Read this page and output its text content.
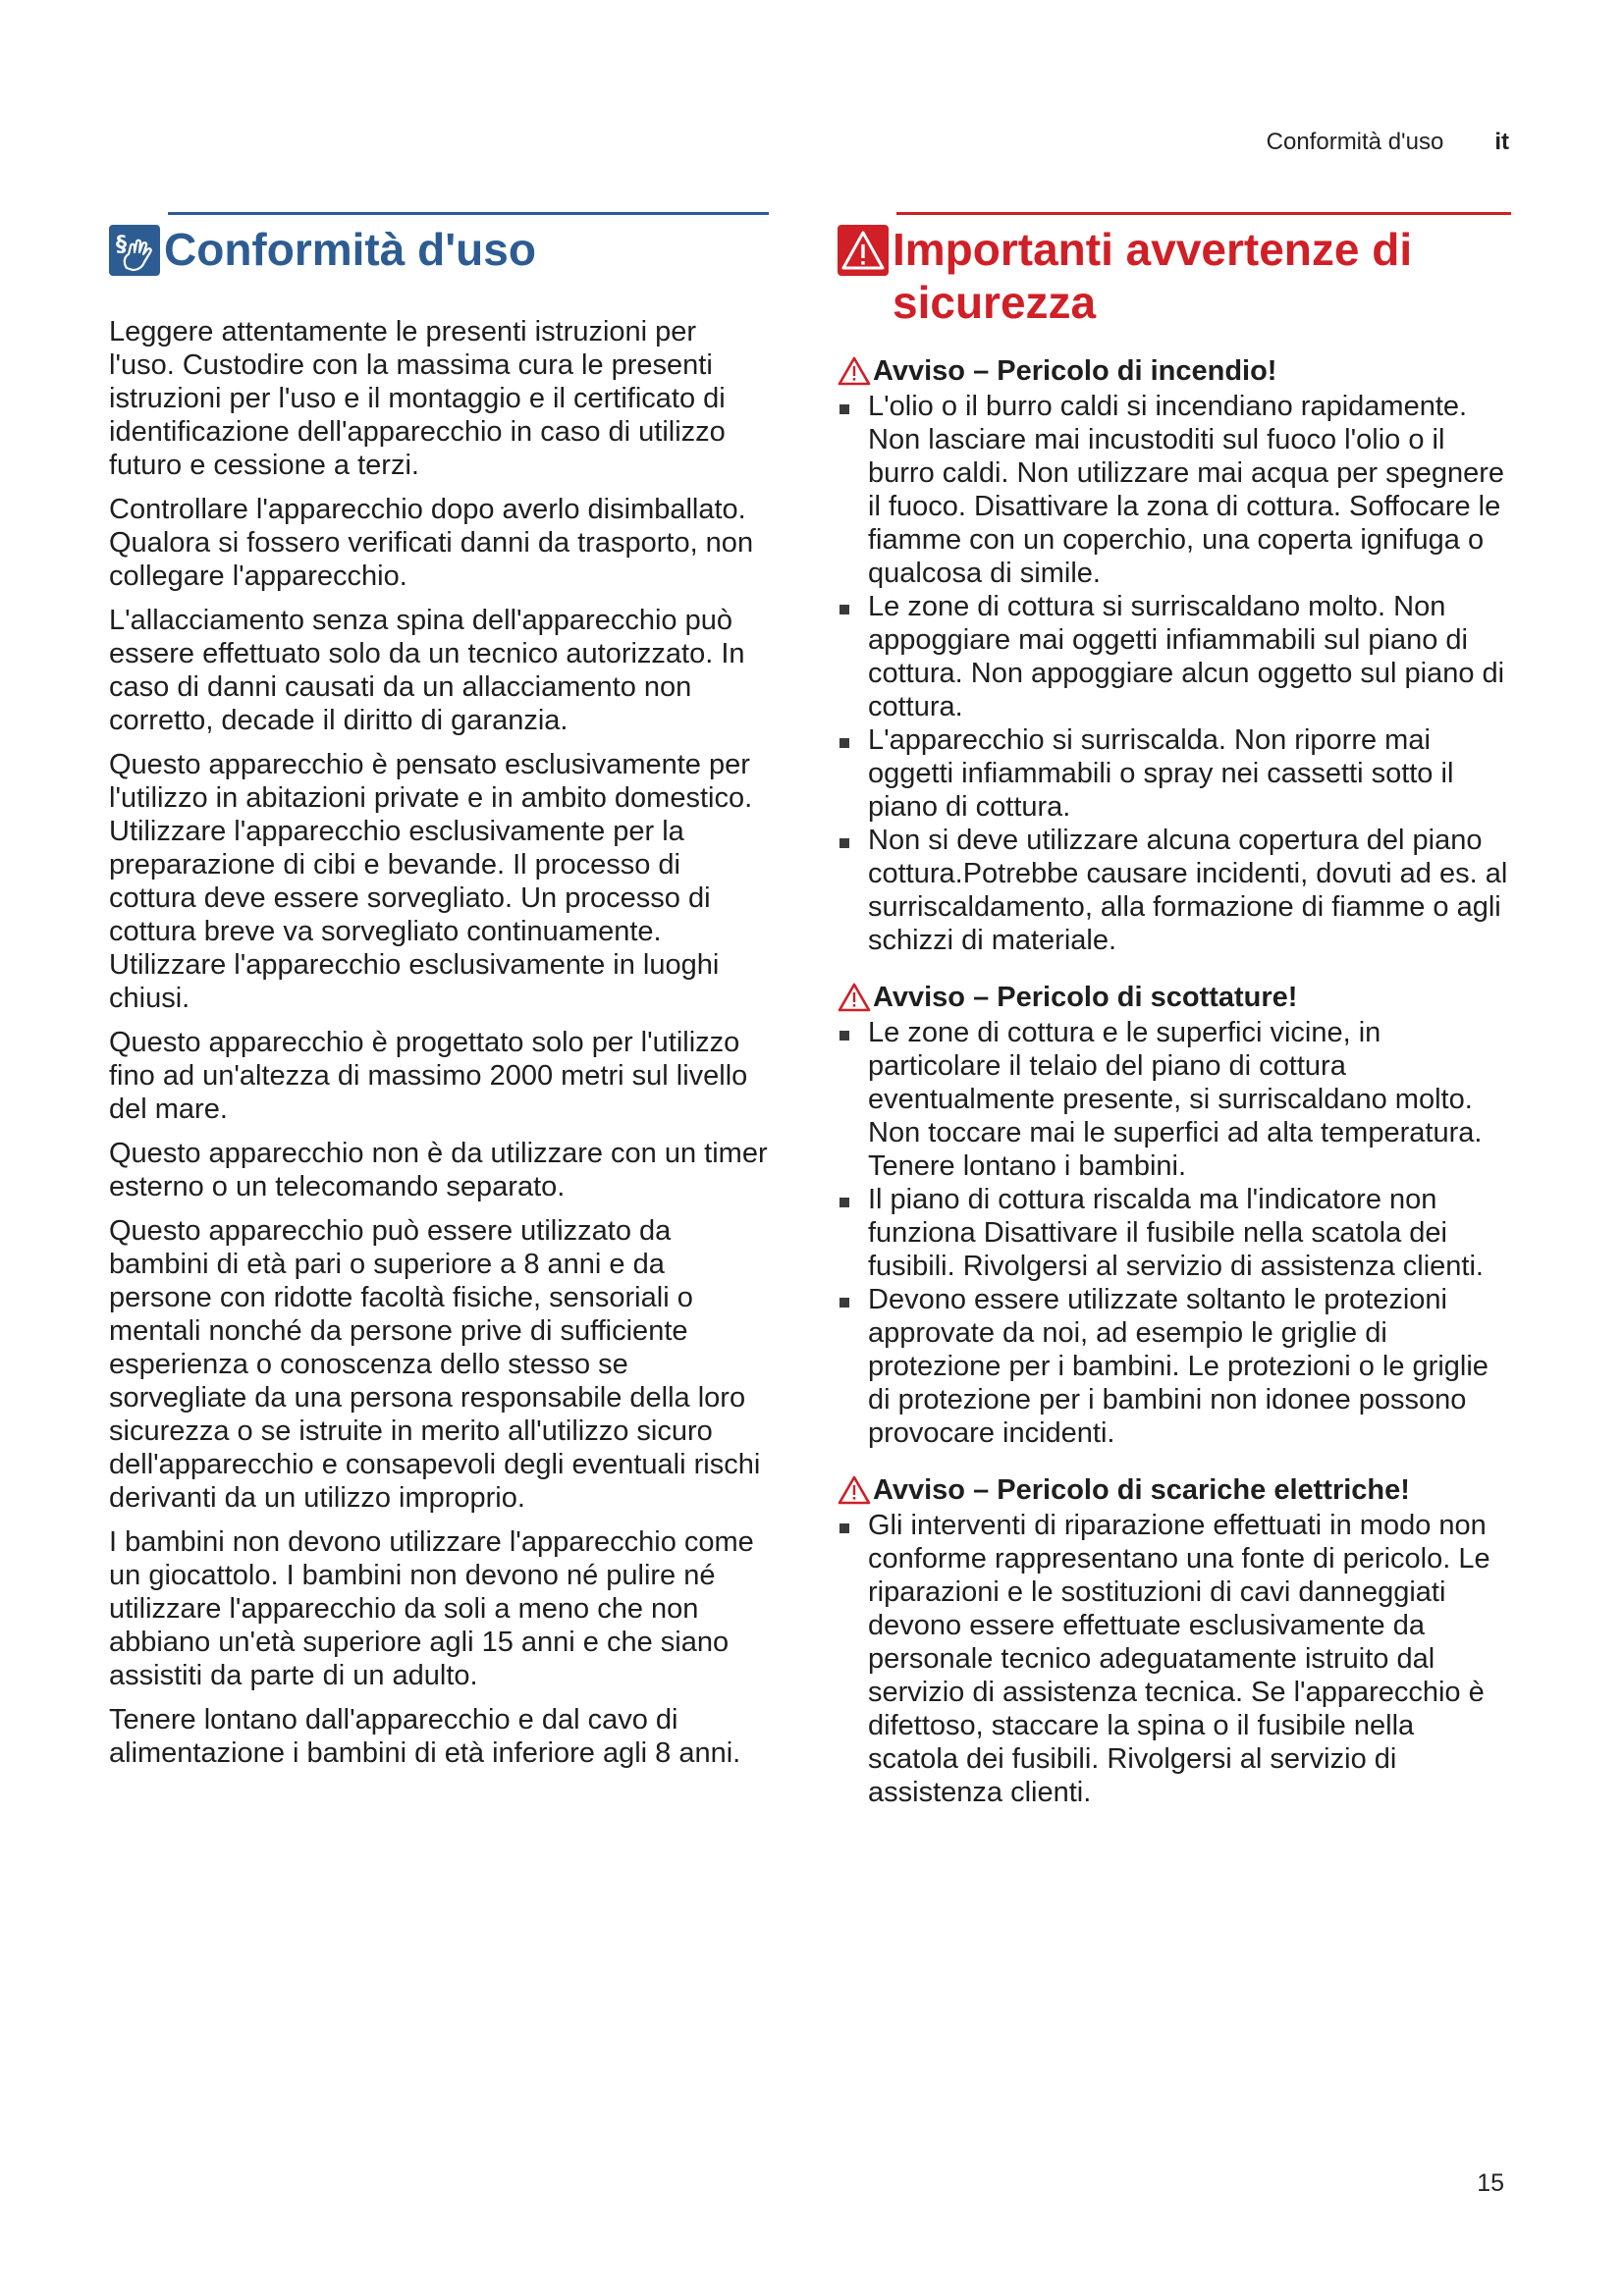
Conformità d'uso it
§ Conformità d'uso

Leggere attentamente le presenti istruzioni per l'uso. Custodire con la massima cura le presenti istruzioni per l'uso e il montaggio e il certificato di identificazione dell'apparecchio in caso di utilizzo futuro e cessione a terzi.

Controllare l'apparecchio dopo averlo disimballato. Qualora si fossero verificati danni da trasporto, non collegare l'apparecchio.

L'allacciamento senza spina dell'apparecchio può essere effettuato solo da un tecnico autorizzato. In caso di danni causati da un allacciamento non corretto, decade il diritto di garanzia.

Questo apparecchio è pensato esclusivamente per l'utilizzo in abitazioni private e in ambito domestico. Utilizzare l'apparecchio esclusivamente per la preparazione di cibi e bevande. Il processo di cottura deve essere sorvegliato. Un processo di cottura breve va sorvegliato continuamente. Utilizzare l'apparecchio esclusivamente in luoghi chiusi.

Questo apparecchio è progettato solo per l'utilizzo fino ad un'altezza di massimo 2000 metri sul livello del mare.

Questo apparecchio non è da utilizzare con un timer esterno o un telecomando separato.

Questo apparecchio può essere utilizzato da bambini di età pari o superiore a 8 anni e da persone con ridotte facoltà fisiche, sensoriali o mentali nonché da persone prive di sufficiente esperienza o conoscenza dello stesso se sorvegliate da una persona responsabile della loro sicurezza o se istruite in merito all'utilizzo sicuro dell'apparecchio e consapevoli degli eventuali rischi derivanti da un utilizzo improprio.

I bambini non devono utilizzare l'apparecchio come un giocattolo. I bambini non devono né pulire né utilizzare l'apparecchio da soli a meno che non abbiano un'età superiore agli 15 anni e che siano assistiti da parte di un adulto.

Tenere lontano dall'apparecchio e dal cavo di alimentazione i bambini di età inferiore agli 8 anni.

Importanti avvertenze di
sicurezza
Avviso – Pericolo di incendio!
L'olio o il burro caldi si incendiano rapidamente. Non lasciare mai incustoditi sul fuoco l'olio o il burro caldi. Non utilizzare mai acqua per spegnere il fuoco. Disattivare la zona di cottura. Soffocare le fiamme con un coperchio, una coperta ignifuga o qualcosa di simile.
Le zone di cottura si surriscaldano molto. Non appoggiare mai oggetti infiammabili sul piano di cottura. Non appoggiare alcun oggetto sul piano di cottura.
L'apparecchio si surriscalda. Non riporre mai oggetti infiammabili o spray nei cassetti sotto il piano di cottura.
Non si deve utilizzare alcuna copertura del piano cottura.Potrebbe causare incidenti, dovuti ad es. al surriscaldamento, alla formazione di fiamme o agli schizzi di materiale.
Avviso – Pericolo di scottature!
Le zone di cottura e le superfici vicine, in particolare il telaio del piano di cottura eventualmente presente, si surriscaldano molto. Non toccare mai le superfici ad alta temperatura. Tenere lontano i bambini.
Il piano di cottura riscalda ma l'indicatore non funziona Disattivare il fusibile nella scatola dei fusibili. Rivolgersi al servizio di assistenza clienti.
Devono essere utilizzate soltanto le protezioni approvate da noi, ad esempio le griglie di protezione per i bambini. Le protezioni o le griglie di protezione per i bambini non idonee possono provocare incidenti.
Avviso – Pericolo di scariche elettriche!
Gli interventi di riparazione effettuati in modo non conforme rappresentano una fonte di pericolo. Le riparazioni e le sostituzioni di cavi danneggiati devono essere effettuate esclusivamente da personale tecnico adeguatamente istruito dal servizio di assistenza tecnica. Se l'apparecchio è difettoso, staccare la spina o il fusibile nella scatola dei fusibili. Rivolgersi al servizio di assistenza clienti.
15
